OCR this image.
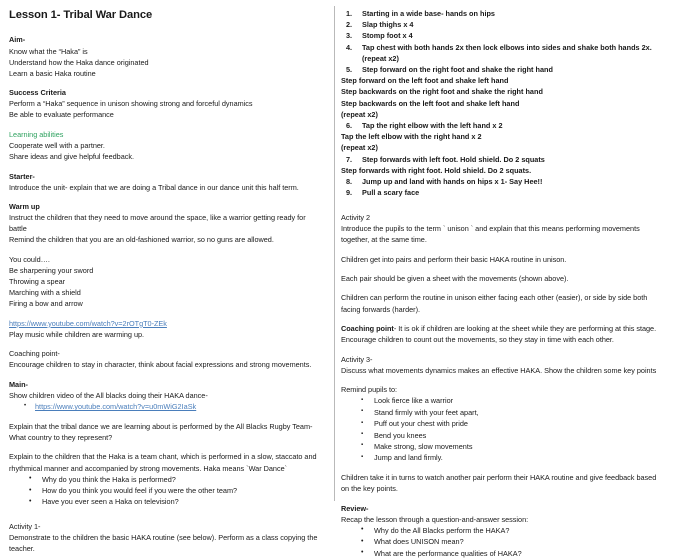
Lesson 1- Tribal War Dance
Aim-
Know what the “Haka” is
Understand how the Haka dance originated
Learn a basic Haka routine
Success Criteria
Perform a “Haka” sequence in unison showing strong and forceful dynamics
Be able to evaluate performance
Learning abilities
Cooperate well with a partner.
Share ideas and give helpful feedback.
Starter-
Introduce the unit- explain that we are doing a Tribal dance in our dance unit this half term.
Warm up
Instruct the children that they need to move around the space, like a warrior getting ready for battle
Remind the children that you are an old-fashioned warrior, so no guns are allowed.
You could….
Be sharpening your sword
Throwing a spear
Marching with a shield
Firing a bow and arrow
https://www.youtube.com/watch?v=2rOTgT0-ZEk
Play music while children are warming up.
Coaching point-
Encourage children to stay in character, think about facial expressions and strong movements.
Main-
Show children video of the All blacks doing their HAKA dance-
• https://www.youtube.com/watch?v=u0mWiG2IaSk
Explain that the tribal dance we are learning about is performed by the All Blacks Rugby Team-
What country to they represent?
Explain to the children that the Haka is a team chant, which is performed in a slow, staccato and
rhythmical manner and accompanied by strong movements. Haka means `War Dance`
• Why do you think the Haka is performed?
• How do you think you would feel if you were the other team?
• Have you ever seen a Haka on television?
Activity 1-
Demonstrate to the children the basic HAKA routine (see below). Perform as a class copying the
teacher.
1.	Starting in a wide base- hands on hips
2.	Slap thighs x 4
3.	Stomp foot x 4
4.	Tap chest with both hands 2x then lock elbows into sides and shake both hands 2x.
(repeat x2)
5.	Step forward on the right foot and shake the right hand
Step forward on the left foot and shake left hand
Step backwards on the right foot and shake the right hand
Step backwards on the left foot and shake left hand
(repeat x2)
6.	Tap the right elbow with the left hand x 2
Tap the left elbow with the right hand x 2
(repeat x2)
7.	Step forwards with left foot. Hold shield. Do 2 squats
Step forwards with right foot. Hold shield. Do 2 squats.
8.	Jump up and land with hands on hips x 1- Say Hee!!
9.	Pull a scary face
Activity 2
Introduce the pupils to the term ` unison ` and explain that this means performing movements
together, at the same time.
Children get into pairs and perform their basic HAKA routine in unison.
Each pair should be given a sheet with the movements (shown above).
Children can perform the routine in unison either facing each other (easier), or side by side both
facing forwards (harder).
Coaching point- It is ok if children are looking at the sheet while they are performing at this stage.
Encourage children to count out the movements, so they stay in time with each other.
Activity 3-
Discuss what movements dynamics makes an effective HAKA. Show the children some key points
Remind pupils to:
▪ Look fierce like a warrior
▪ Stand firmly with your feet apart,
▪ Puff out your chest with pride
▪ Bend you knees
▪ Make strong, slow movements
▪ Jump and land firmly.
Children take it in turns to watch another pair perform their HAKA routine and give feedback based
on the key points.
Review-
Recap the lesson through a question-and-answer session:
• Why do the All Blacks perform the HAKA?
• What does UNISON mean?
• What are the performance qualities of HAKA?
